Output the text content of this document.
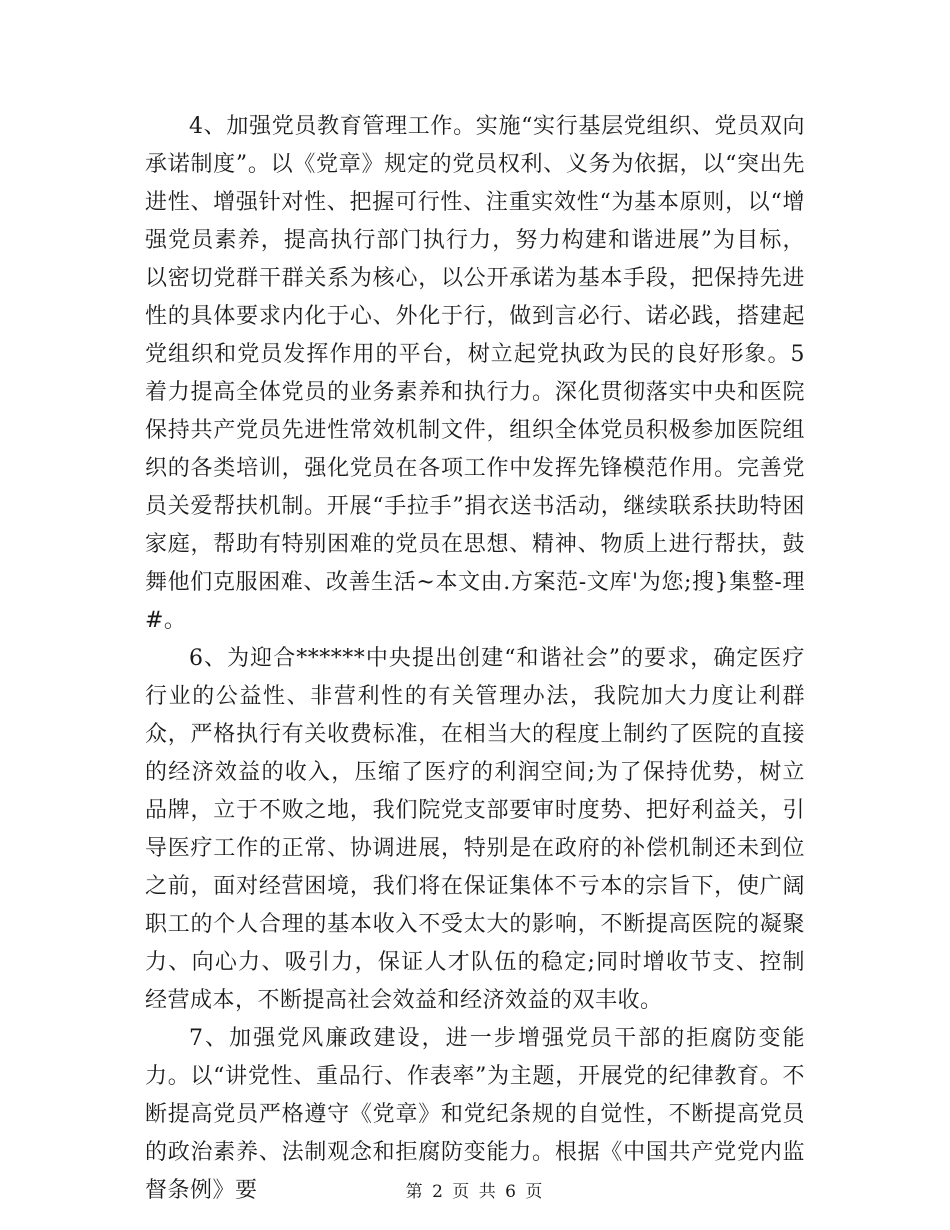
4、加强党员教育管理工作。实施“实行基层党组织、党员双向承诺制度”。以《党章》规定的党员权利、义务为依据，以“突出先进性、增强针对性、把握可行性、注重实效性“为基本原则，以“增强党员素养，提高执行部门执行力，努力构建和谐进展”为目标，以密切党群干群关系为核心，以公开承诺为基本手段，把保持先进性的具体要求内化于心、外化于行，做到言必行、诺必践，搭建起党组织和党员发挥作用的平台，树立起党执政为民的良好形象。5着力提高全体党员的业务素养和执行力。深化贯彻落实中央和医院保持共产党员先进性常效机制文件，组织全体党员积极参加医院组织的各类培训，强化党员在各项工作中发挥先锋模范作用。完善党员关爱帮扶机制。开展“手拉手”捐衣送书活动，继续联系扶助特困家庭，帮助有特别困难的党员在思想、精神、物质上进行帮扶，鼓舞他们克服困难、改善生活~本文由.方案范-文库'为您;搜}集整-理#。

6、为迎合******中央提出创建“和谐社会”的要求，确定医疗行业的公益性、非营利性的有关管理办法，我院加大力度让利群众，严格执行有关收费标准，在相当大的程度上制约了医院的直接的经济效益的收入，压缩了医疗的利润空间;为了保持优势，树立品牌，立于不败之地，我们院党支部要审时度势、把好利益关，引导医疗工作的正常、协调进展，特别是在政府的补偿机制还未到位之前，面对经营困境，我们将在保证集体不亏本的宗旨下，使广阔职工的个人合理的基本收入不受太大的影响，不断提高医院的凝聚力、向心力、吸引力，保证人才队伍的稳定;同时增收节支、控制经营成本，不断提高社会效益和经济效益的双丰收。

7、加强党风廉政建设，进一步增强党员干部的拒腐防变能力。以“讲党性、重品行、作表率”为主题，开展党的纪律教育。不断提高党员严格遵守《党章》和党纪条规的自觉性，不断提高党员的政治素养、法制观念和拒腐防变能力。根据《中国共产党党内监督条例》要	第 2 页 共 6 页
